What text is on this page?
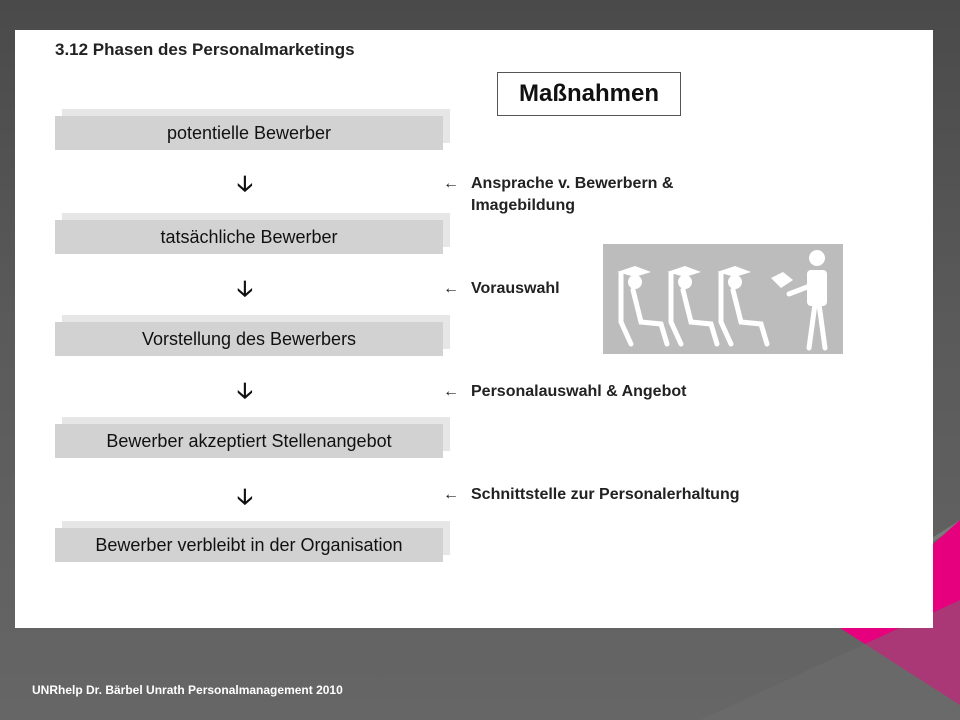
3.12 Phasen des Personalmarketings
Maßnahmen
potentielle Bewerber
🡣
tatsächliche Bewerber
🡣
Vorstellung des Bewerbers
🡣
Bewerber akzeptiert Stellenangebot
🡣
Bewerber verbleibt in der Organisation
← Ansprache v. Bewerbern &
Imagebildung
← Vorauswahl
← Personalauswahl & Angebot
← Schnittstelle zur Personalerhaltung
25
UNRhelp Dr. Bärbel Unrath Personalmanagement 2010
